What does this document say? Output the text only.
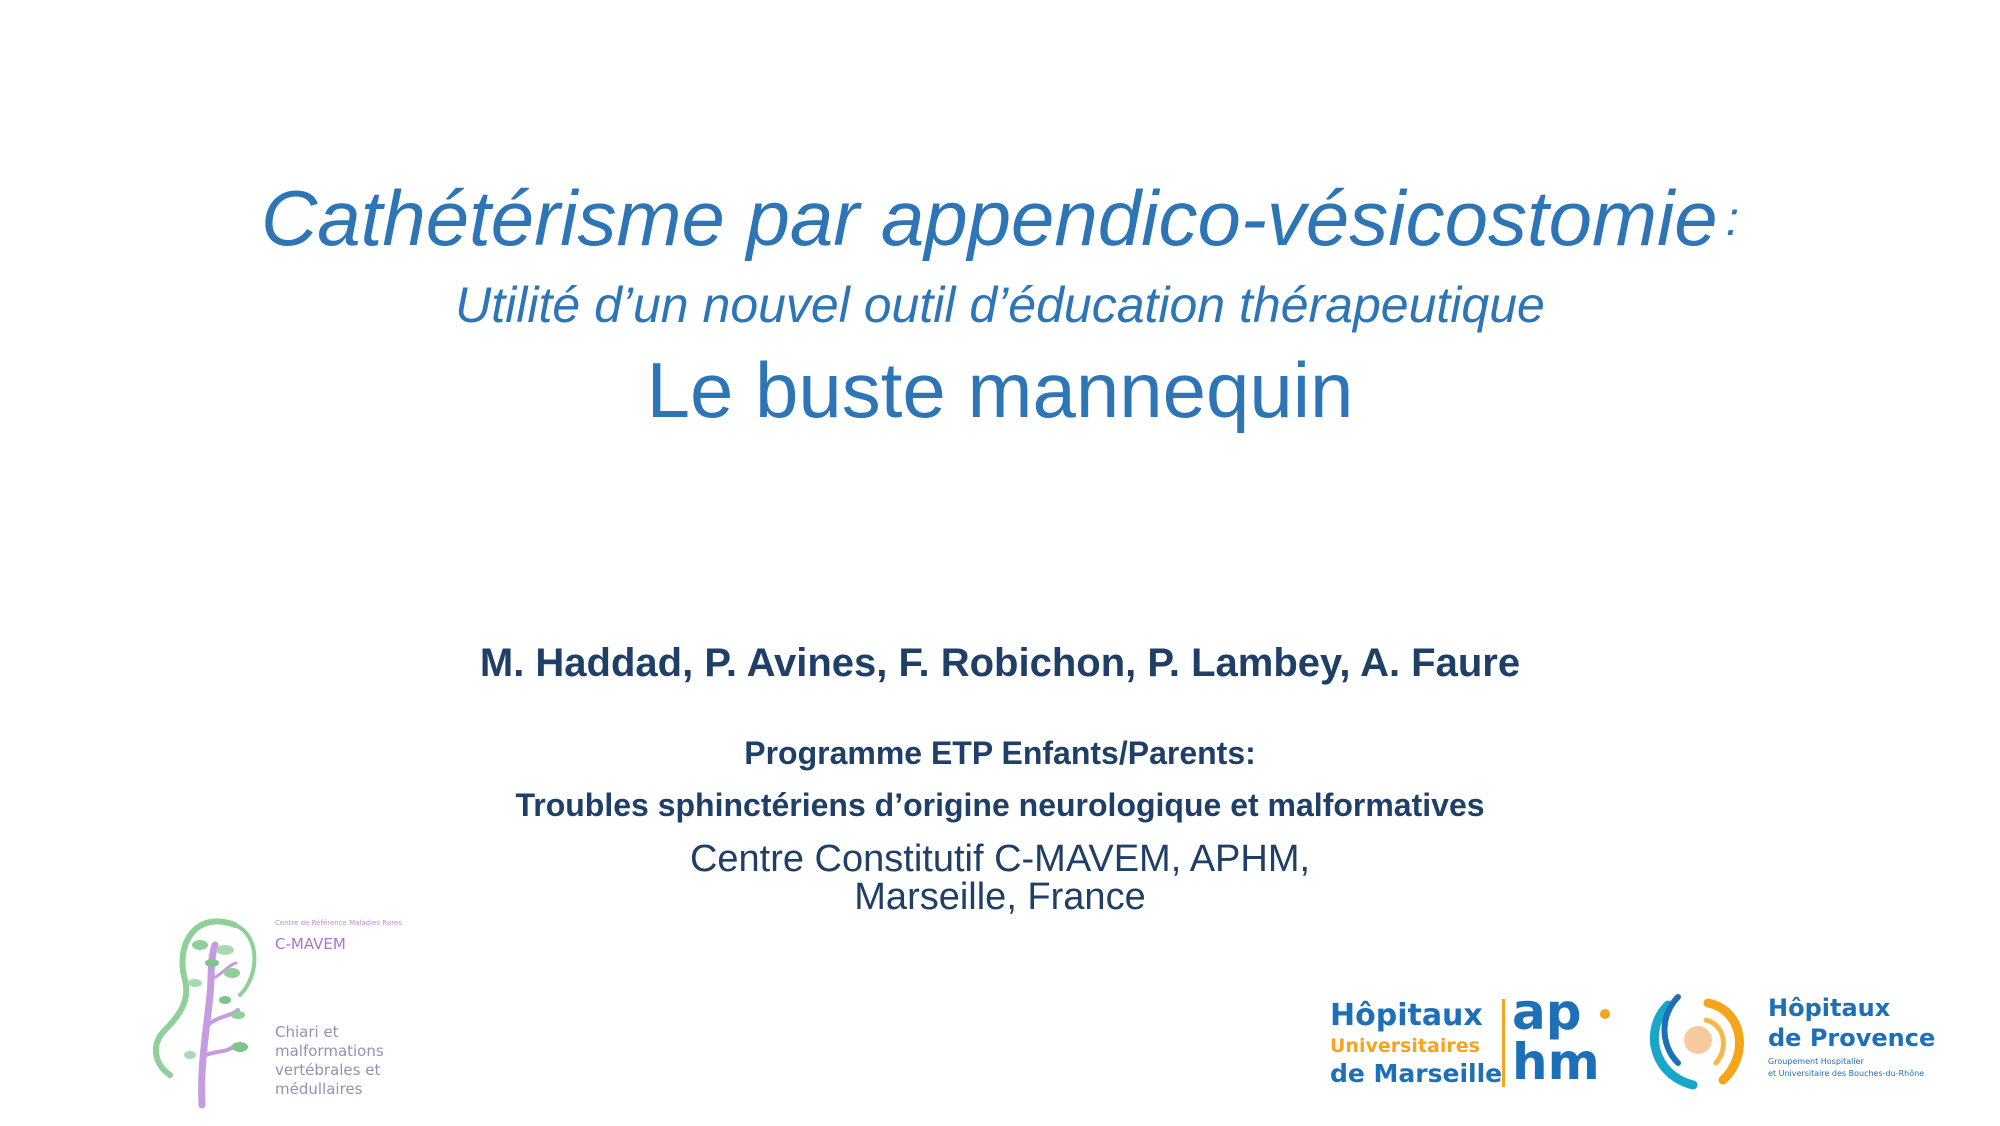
Cathétérisme par appendico-vésicostomie :
Utilité d’un nouvel outil d’éducation thérapeutique
Le buste mannequin
M. Haddad, P. Avines, F. Robichon, P. Lambey, A. Faure
Programme ETP Enfants/Parents:
Troubles sphinctériens d’origine neurologique et malformatives
Centre Constitutif C-MAVEM, APHM,
Marseille, France
Centre de Référence Maladies Rares
C-MAVEM
Chiari et
malformations
vertébrales et
médullaires
Hôpitaux
Universitaires
de Marseille
ap
hm
Hôpitaux
de Provence
Groupement Hospitalier
et Universitaire des Bouches-du-Rhône
